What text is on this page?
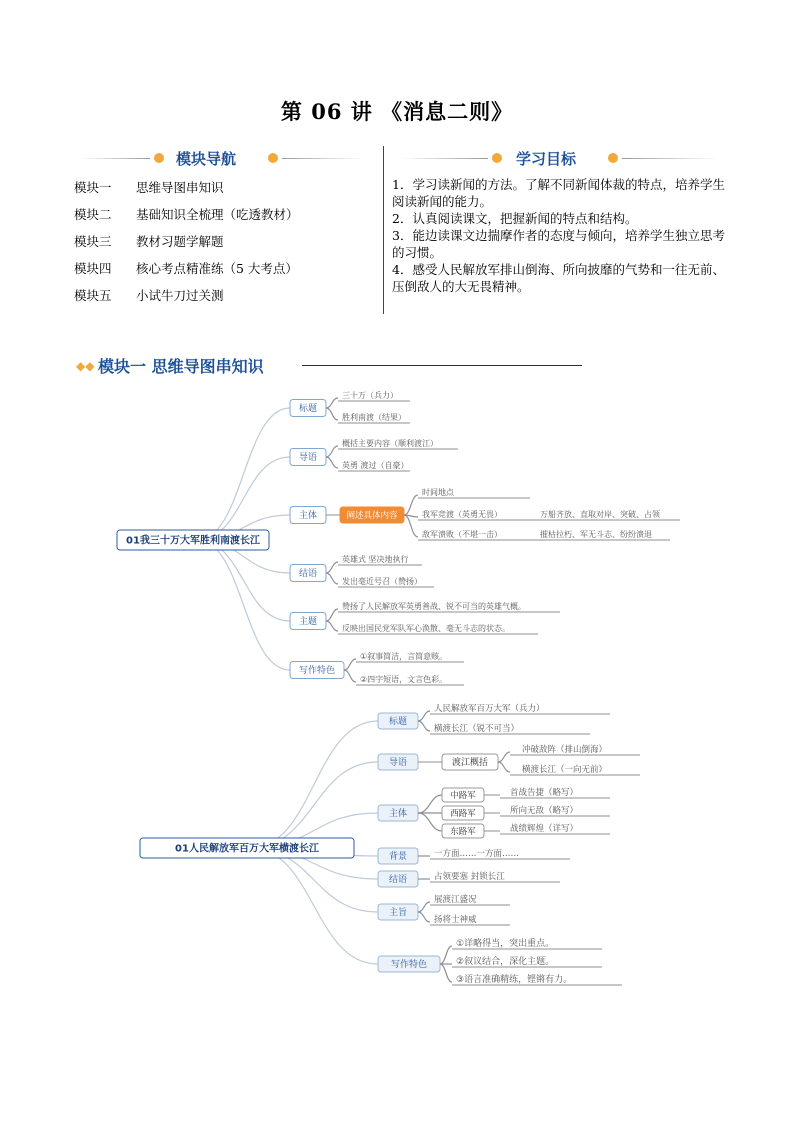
第 06 讲 《消息二则》
模块导航	学习目标
模块一 思维导图串知识
模块二 基础知识全梳理（吃透教材）
模块三 教材习题学解题
模块四 核心考点精准练（5 大考点）
模块五 小试牛刀过关测

1．学习读新闻的方法。了解不同新闻体裁的特点，培养学生阅读新闻的能力。

2．认真阅读课文，把握新闻的特点和结构。

3．能边读课文边揣摩作者的态度与倾向，培养学生独立思考的习惯。

4．感受人民解放军排山倒海、所向披靡的气势和一往无前、压倒敌人的大无畏精神。

◆◆ 模块一 思维导图串知识
01我三十万大军胜利南渡长江
标题
三十万（兵力）
胜利南渡（结果）
导语
概括主要内容（顺利渡江）
英勇 渡过（自豪）
主体	阐述具体内容
时间地点
我军竞渡（英勇无畏）
敌军溃败（不堪一击）
万船齐放、直取对岸、突破、占领
摧枯拉朽、军无斗志、纷纷溃退
结语
英雄式 坚决地执行
发出毫近号召（赞扬）
主题
赞扬了人民解放军英勇善战、锐不可当的英雄气概。
反映出国民党军队军心涣散、毫无斗志的状态。
写作特色
①叙事简洁，言简意赅。
②四字短语，文言色彩。
01人民解放军百万大军横渡长江
标题
人民解放军百万大军（兵力）
横渡长江（锐不可当）
导语	渡江概括
冲破敌阵（排山倒海）
横渡长江（一向无前）
主体
中路军	首战告捷（略写）
西路军	所向无敌（略写）
东路军	战绩辉煌（详写）
背景	一方面……一方面……
结语	占领要塞 封锁长江
主旨
展渡江盛况
扬将士神威
写作特色
①详略得当，突出重点。
②叙议结合，深化主题。
③语言准确精练，铿锵有力。
